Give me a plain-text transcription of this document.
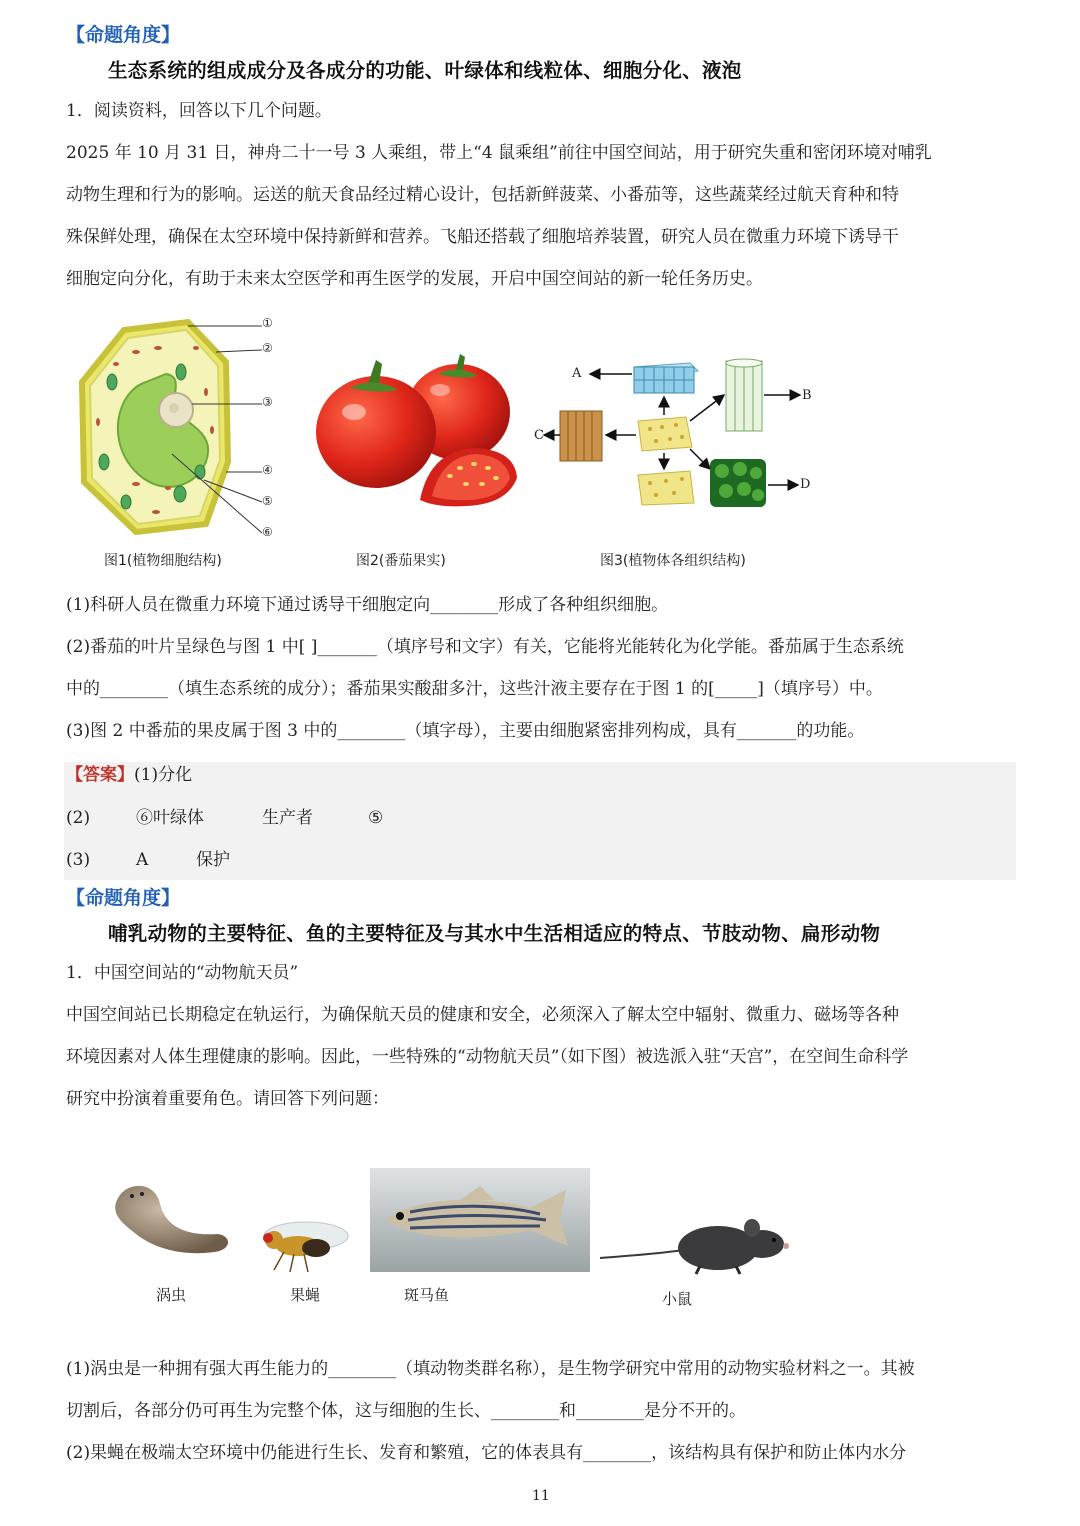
【命题角度】
生态系统的组成成分及各成分的功能、叶绿体和线粒体、细胞分化、液泡
1．阅读资料，回答以下几个问题。
2025 年 10 月 31 日，神舟二十一号 3 人乘组，带上“4 鼠乘组”前往中国空间站，用于研究失重和密闭环境对哺乳
动物生理和行为的影响。运送的航天食品经过精心设计，包括新鲜菠菜、小番茄等，这些蔬菜经过航天育种和特
殊保鲜处理，确保在太空环境中保持新鲜和营养。飞船还搭载了细胞培养装置，研究人员在微重力环境下诱导干
细胞定向分化，有助于未来太空医学和再生医学的发展，开启中国空间站的新一轮任务历史。
①
②
③
④
⑤
⑥
图1(植物细胞结构)	图2(番茄果实)
A
B
C
D
图3(植物体各组织结构)
(1)科研人员在微重力环境下通过诱导干细胞定向________形成了各种组织细胞。
(2)番茄的叶片呈绿色与图 1 中[ ]_______（填序号和文字）有关，它能将光能转化为化学能。番茄属于生态系统
中的________（填生态系统的成分）；番茄果实酸甜多汁，这些汁液主要存在于图 1 的[_____]（填序号）中。
(3)图 2 中番茄的果皮属于图 3 中的________（填字母），主要由细胞紧密排列构成，具有_______的功能。
【答案】(1)分化
(2)	⑥叶绿体	生产者	⑤
(3)	A	保护
【命题角度】
哺乳动物的主要特征、鱼的主要特征及与其水中生活相适应的特点、节肢动物、扁形动物
1．中国空间站的“动物航天员”
中国空间站已长期稳定在轨运行，为确保航天员的健康和安全，必须深入了解太空中辐射、微重力、磁场等各种
环境因素对人体生理健康的影响。因此，一些特殊的“动物航天员”（如下图）被选派入驻“天宫”，在空间生命科学
研究中扮演着重要角色。请回答下列问题：
涡虫	果蝇	斑马鱼	小鼠
(1)涡虫是一种拥有强大再生能力的________（填动物类群名称），是生物学研究中常用的动物实验材料之一。其被
切割后，各部分仍可再生为完整个体，这与细胞的生长、________和________是分不开的。
(2)果蝇在极端太空环境中仍能进行生长、发育和繁殖，它的体表具有________，该结构具有保护和防止体内水分
11
